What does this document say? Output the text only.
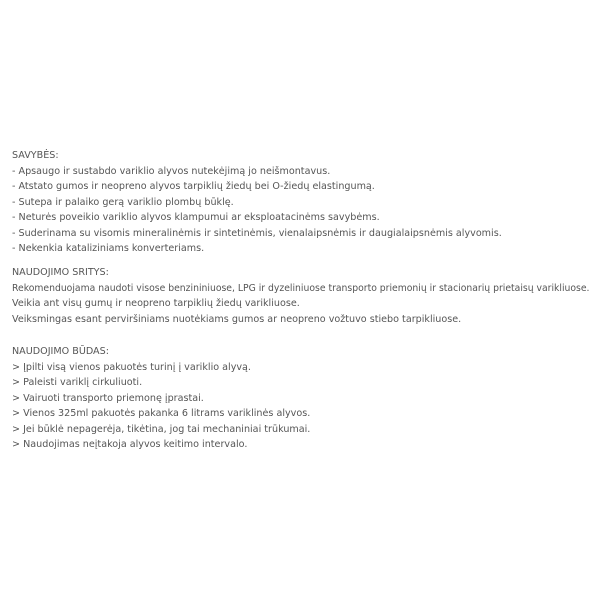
SAVYBĖS:
- Apsaugo ir sustabdo variklio alyvos nutekėjimą jo neišmontavus.
- Atstato gumos ir neopreno alyvos tarpiklių žiedų bei O-žiedų elastingumą.
- Sutepa ir palaiko gerą variklio plombų būklę.
- Neturės poveikio variklio alyvos klampumui ar eksploatacinėms savybėms.
- Suderinama su visomis mineralinėmis ir sintetinėmis, vienalaipsnėmis ir daugialaipsnėmis alyvomis.
- Nekenkia kataliziniams konverteriams.
NAUDOJIMO SRITYS:
Rekomenduojama naudoti visose benzininiuose, LPG ir dyzeliniuose transporto priemonių ir stacionarių prietaisų varikliuose.
Veikia ant visų gumų ir neopreno tarpiklių žiedų varikliuose.
Veiksmingas esant perviršiniams nuotėkiams gumos ar neopreno vožtuvo stiebo tarpikliuose.
NAUDOJIMO BŪDAS:
> Įpilti visą vienos pakuotės turinį į variklio alyvą.
> Paleisti variklį cirkuliuoti.
> Vairuoti transporto priemonę įprastai.
> Vienos 325ml pakuotės pakanka 6 litrams variklinės alyvos.
> Jei būklė nepagerėja, tikėtina, jog tai mechaniniai trūkumai.
> Naudojimas neįtakoja alyvos keitimo intervalo.
